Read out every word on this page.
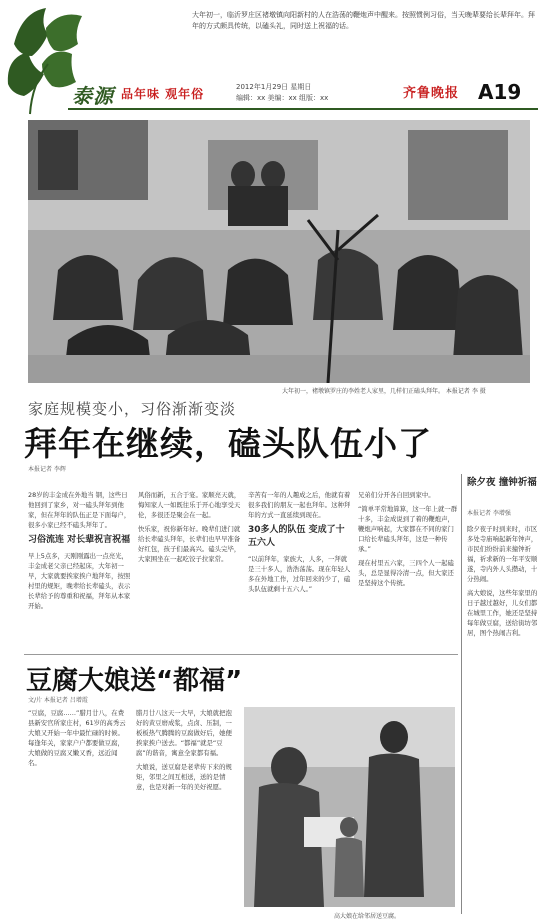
泰源 品年味 观年俗	2012年1月29日 星期日
编辑：xx 美编：xx 组版：xx	齐鲁晚报 A19
大年初一，临沂罗庄区褚墩镇向阳新村的人在浩荡的鞭炮声中醒来。按照惯例习俗，当天晚辈要给长辈拜年。拜年的方式颇具传统，以磕头礼，同时送上祝福的话。
大年初一，褚墩镇罗庄的李姓老人家里，几样们正磕头拜年。 本报记者 李 摄
家庭规模变小，习俗渐渐变淡
拜年在继续，磕头队伍小了
本报记者 李辉

28岁的丰金成在外地当 钢，这些日他回到了家乡，对一磕头拜年到他家，但在拜年的队伍正是下面每户，很多小家已经不磕头拜年了。

习俗流连 对长辈祝言祝福

早上5点多，天刚刚露出一点亮光，丰金成老父亲已经起床，大年初一早，大家就要挨家挨户地拜年，按照村里的规矩，晚辈给长辈磕头，表示长辈给予的尊重和祝福，拜年从本家开始。

风俗而新，五合于宴。家顺亮天就，悔知家人一如既往乐于开心地享受天伦，多很还是聚会在一起。

快乐家，祝你新年好。晚辈们进门就给长辈磕头拜年，长辈们也早早准备好红包，孩子们最高兴。磕头完毕，大家围坐在一起吃饺子拉家常。

辛苦有一年的人趣成之后，他就有着很多我们的朋友一起也拜年。这种拜年的方式一直延续到现在。

30多人的队伍 变成了十五六人

“以前拜年，家族大，人多，一拜就是三十多人，浩浩荡荡。现在年轻人多在外地工作，过年回来的少了，磕头队伍就剩十五六人。”

兄弟们分开各自回到家中。

“简单平常地算算，这一年上就一群十多，丰金成说到了着的鞭炮声，鞭炮声响起，大家都在不同的家门口给长辈磕头拜年，这是一种传承。”

现在村里五六家，三四个人一起磕头，总是显得冷清一点，但大家还是坚持这个传统。

除夕夜 撞钟祈福
本报记者 李增强

除夕夜子时到来时，市区多处寺庙响起新年钟声，市民们纷纷前来撞钟祈福，祈求新的一年平安顺遂，寺内外人头攒动，十分热闹。

高大娘说，这些年家里的日子越过越好，儿女们都在城里工作，她还是坚持每年做豆腐，送给街坊邻居，图个热闹吉利。

豆腐大娘送“都福”
文/片 本报记者 吕增霞

“豆腐，豆腐……”腊月廿八，在费县新安官所家庄村，61岁的高秀云大娘又开始一年中最忙碌的时候。每逢年关，家家户户都要做豆腐，大娘做的豆腐又嫩又香，远近闻名。

腊月廿八这天一大早，大娘就把泡好的黄豆磨成浆，点卤、压制，一板板热气腾腾的豆腐做好后，她便挨家挨户送去。“都福”就是“豆腐”的谐音，寓意全家都有福。

大娘说，送豆腐是老辈传下来的规矩，邻里之间互相送，送的是情意，也是对新一年的美好祝愿。

高大娘在给邻居送豆腐。
